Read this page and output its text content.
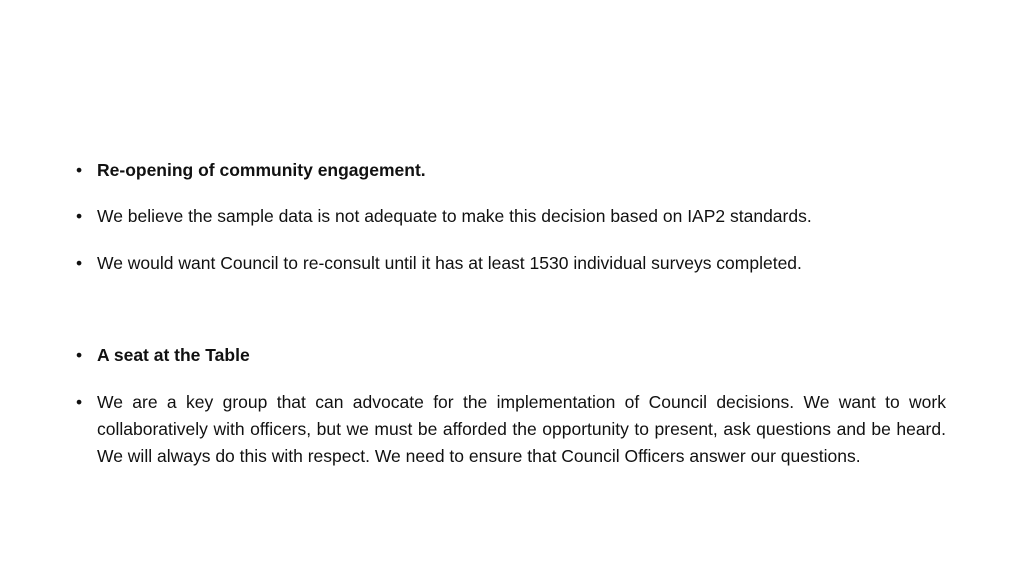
• Re-opening of community engagement.
• We believe the sample data is not adequate to make this decision based on IAP2 standards.
• We would want Council to re-consult until it has at least 1530 individual surveys completed.
• A seat at the Table
• We are a key group that can advocate for the implementation of Council decisions. We want to work collaboratively with officers, but we must be afforded the opportunity to present, ask questions and be heard. We will always do this with respect. We need to ensure that Council Officers answer our questions.
